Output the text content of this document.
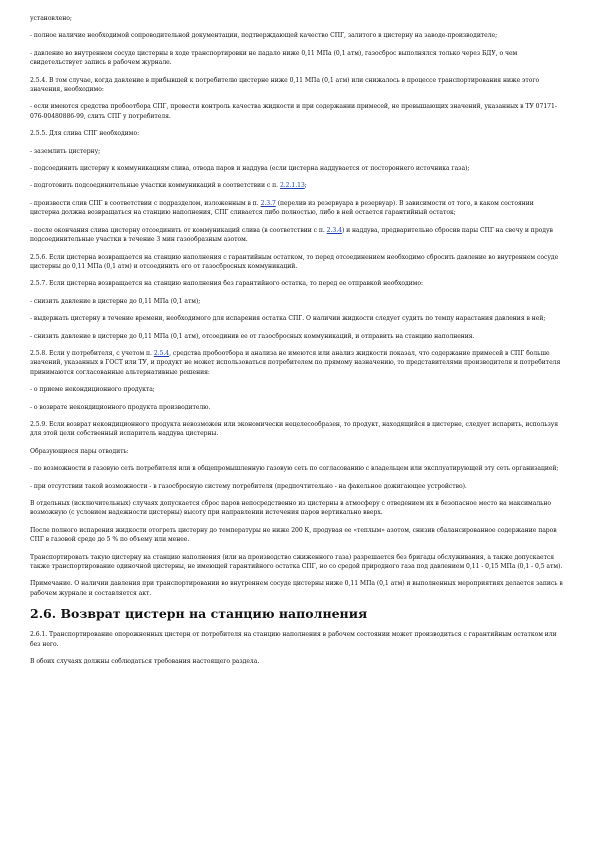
установлено;

- полное наличие необходимой сопроводительной документации, подтверждающей качество СПГ, залитого в цистерну на заводе-производителе;

- давление во внутреннем сосуде цистерны в ходе транспортировки не падало ниже 0,11 МПа (0,1 атм), газосброс выполнялся только через БДУ, о чем свидетельствует запись в рабочем журнале.

2.5.4. В том случае, когда давление в прибывшей к потребителю цистерне ниже 0,11 МПа (0,1 атм) или снижалось в процессе транспортирования ниже этого значения, необходимо:

- если имеются средства пробоотбора СПГ, провести контроль качества жидкости и при содержании примесей, не превышающих значений, указанных в ТУ 07171-076-00480886-99, слить СПГ у потребителя.

2.5.5. Для слива СПГ необходимо:

- заземлить цистерну;

- подсоединить цистерну к коммуникациям слива, отвода паров и наддува (если цистерна наддувается от постороннего источника газа);

- подготовить подсоединительные участки коммуникаций в соответствии с п. 2.2.1.13;

- произвести слив СПГ в соответствии с подразделом, изложенным в п. 2.3.7 (перелив из резервуара в резервуар). В зависимости от того, в каком состоянии цистерна должна возвращаться на станцию наполнения, СПГ сливается либо полностью, либо в ней остается гарантийный остаток;

- после окончания слива цистерну отсоединить от коммуникаций слива (в соответствии с п. 2.3.4) и наддува, предварительно сбросив пары СПГ на свечу и продув подсоединительные участки в течение 3 мин газообразным азотом.

2.5.6. Если цистерна возвращается на станцию наполнения с гарантийным остатком, то перед отсоединением необходимо сбросить давление во внутреннем сосуде цистерны до 0,11 МПа (0,1 атм) и отсоединить его от газосбросных коммуникаций.

2.5.7. Если цистерна возвращается на станцию наполнения без гарантийного остатка, то перед ее отправкой необходимо:

- снизить давление в цистерне до 0,11 МПа (0,1 атм);

- выдержать цистерну в течение времени, необходимого для испарения остатка СПГ. О наличии жидкости следует судить по темпу нарастания давления в ней;

- снизить давление в цистерне до 0,11 МПа (0,1 атм), отсоединив ее от газосбросных коммуникаций, и отправить на станцию наполнения.

2.5.8. Если у потребителя, с учетом п. 2.5.4, средства пробоотбора и анализа не имеются или анализ жидкости показал, что содержание примесей в СПГ больше значений, указанных в ГОСТ или ТУ, и продукт не может использоваться потребителем по прямому назначению, то представителями производителя и потребителя принимаются согласованные альтернативные решения:

- о приеме некондиционного продукта;

- о возврате некондиционного продукта производителю.

2.5.9. Если возврат некондиционного продукта невозможен или экономически нецелесообразен, то продукт, находящийся в цистерне, следует испарить, используя для этой цели собственный испаритель наддува цистерны.

Образующиеся пары отводить:

- по возможности в газовую сеть потребителя или в общепромышленную газовую сеть по согласованию с владельцем или эксплуатирующей эту сеть организацией;

- при отсутствии такой возможности - в газосбросную систему потребителя (предпочтительно - на факельное дожигающее устройство).

В отдельных (исключительных) случаях допускается сброс паров непосредственно из цистерны в атмосферу с отведением их в безопасное место на максимально возможную (с условием надежности цистерны) высоту при направлении истечения паров вертикально вверх.

После полного испарения жидкости отогреть цистерну до температуры не ниже 200 К, продувая ее «теплым» азотом, снизив сбалансированное содержание паров СПГ в газовой среде до 5 % по объему или менее.

Транспортировать такую цистерну на станцию наполнения (или на производство сжиженного газа) разрешается без бригады обслуживания, а также допускается также транспортирование одиночной цистерны, не имеющей гарантийного остатка СПГ, но со средой природного газа под давлением 0,11 - 0,15 МПа (0,1 - 0,5 атм).

Примечание. О наличии давления при транспортировании во внутреннем сосуде цистерны ниже 0,11 МПа (0,1 атм) и выполненных мероприятиях делается запись в рабочем журнале и составляется акт.

2.6. Возврат цистерн на станцию наполнения

2.6.1. Транспортирование опорожненных цистерн от потребителя на станцию наполнения в рабочем состоянии может производиться с гарантийным остатком или без него.

В обоих случаях должны соблюдаться требования настоящего раздела.
